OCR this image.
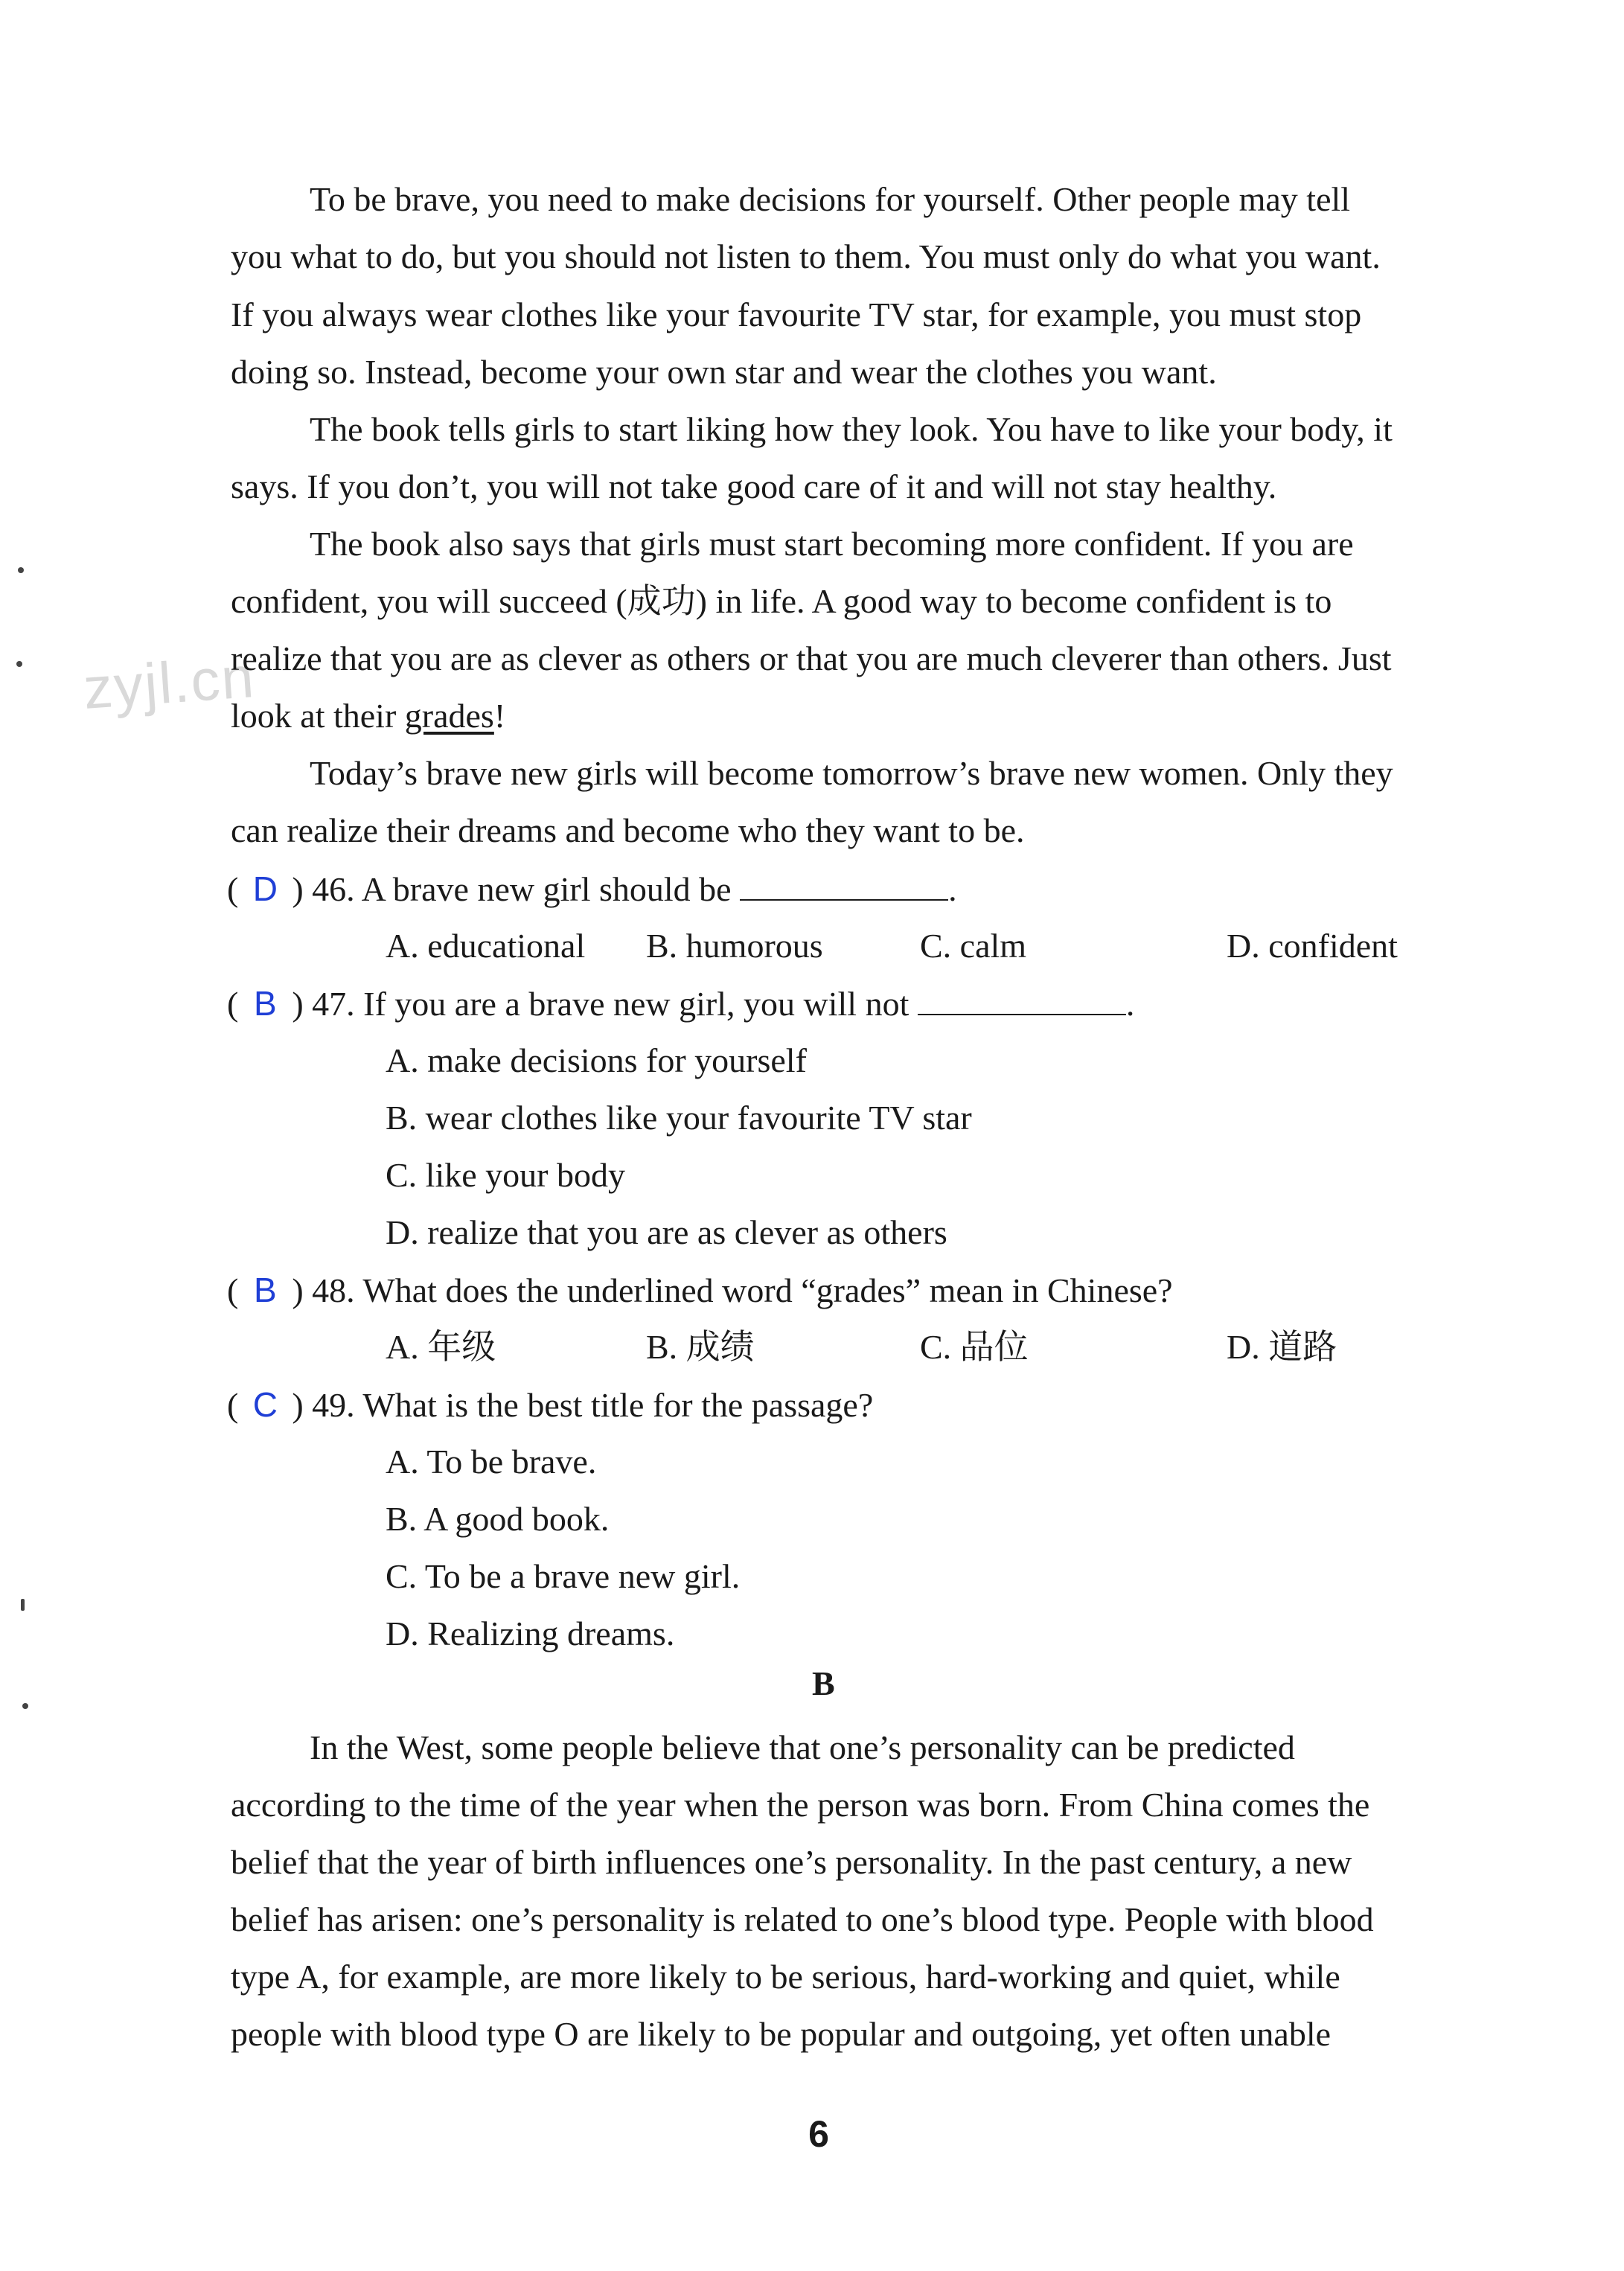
zyjl.cn
To be brave, you need to make decisions for yourself. Other people may tell
you what to do, but you should not listen to them. You must only do what you want.
If you always wear clothes like your favourite TV star, for example, you must stop
doing so. Instead, become your own star and wear the clothes you want.
The book tells girls to start liking how they look. You have to like your body, it
says. If you don’t, you will not take good care of it and will not stay healthy.
The book also says that girls must start becoming more confident. If you are
confident, you will succeed (成功) in life. A good way to become confident is to
realize that you are as clever as others or that you are much cleverer than others. Just
look at their grades!
Today’s brave new girls will become tomorrow’s brave new women. Only they
can realize their dreams and become who they want to be.
( D ) 46. A brave new girl should be	.
A. educational B. humorous	C. calm	D. confident
( B ) 47. If you are a brave new girl, you will not	.
A. make decisions for yourself
B. wear clothes like your favourite TV star
C. like your body
D. realize that you are as clever as others
( B ) 48. What does the underlined word “grades” mean in Chinese?
A. 年级	B. 成绩	C. 品位	D. 道路
( C ) 49. What is the best title for the passage?
A. To be brave.
B. A good book.
C. To be a brave new girl.
D. Realizing dreams.
B
In the West, some people believe that one’s personality can be predicted
according to the time of the year when the person was born. From China comes the
belief that the year of birth influences one’s personality. In the past century, a new
belief has arisen: one’s personality is related to one’s blood type. People with blood
type A, for example, are more likely to be serious, hard-working and quiet, while
people with blood type O are likely to be popular and outgoing, yet often unable
6
